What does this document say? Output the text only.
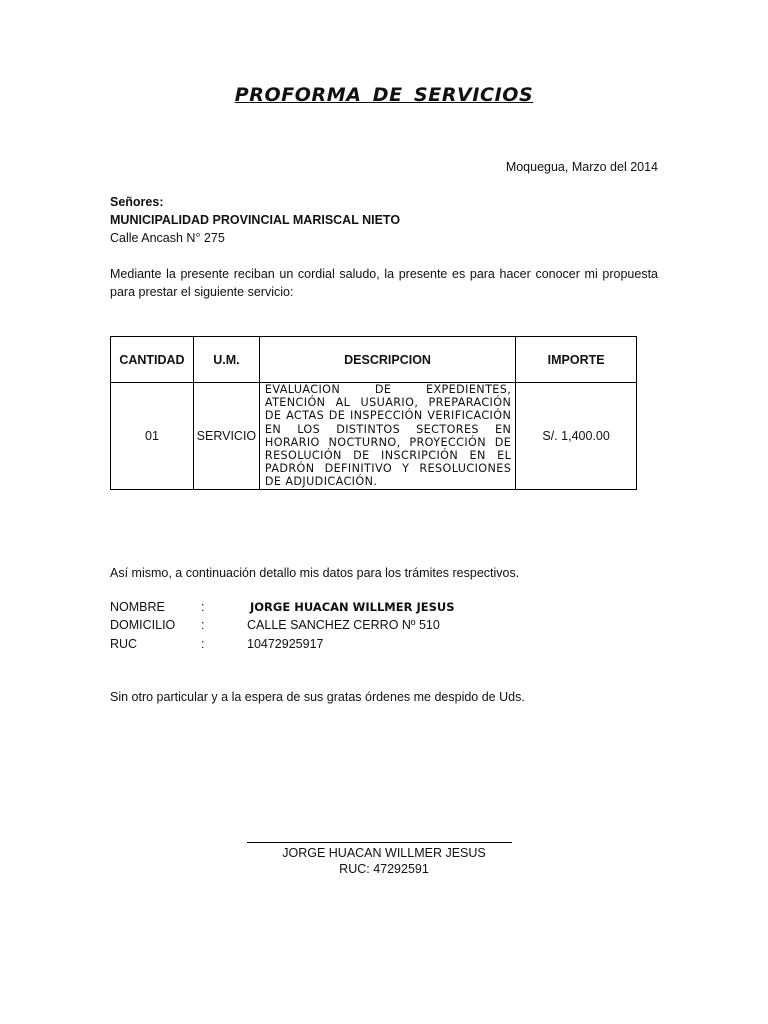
PROFORMA DE SERVICIOS
Moquegua, Marzo del 2014
Señores:
MUNICIPALIDAD PROVINCIAL MARISCAL NIETO
Calle Ancash N° 275
Mediante la presente reciban un cordial saludo, la presente es para hacer conocer mi propuesta para prestar el siguiente servicio:
CANTIDAD	U.M.	DESCRIPCION	IMPORTE
01	SERVICIO	EVALUACION DE EXPEDIENTES, ATENCIÓN AL USUARIO, PREPARACIÓN DE ACTAS DE INSPECCIÓN VERIFICACIÓN EN LOS DISTINTOS SECTORES EN HORARIO NOCTURNO, PROYECCIÓN DE RESOLUCIÓN DE INSCRIPCIÓN EN EL PADRÓN DEFINITIVO Y RESOLUCIONES DE ADJUDICACIÓN.	S/. 1,400.00
Así mismo, a continuación detallo mis datos para los trámites respectivos.
NOMBRE	:	JORGE HUACAN WILLMER JESUS
DOMICILIO :	CALLE SANCHEZ CERRO Nº 510
RUC	:	10472925917
Sin otro particular y a la espera de sus gratas órdenes me despido de Uds.
JORGE HUACAN WILLMER JESUS
RUC: 47292591
